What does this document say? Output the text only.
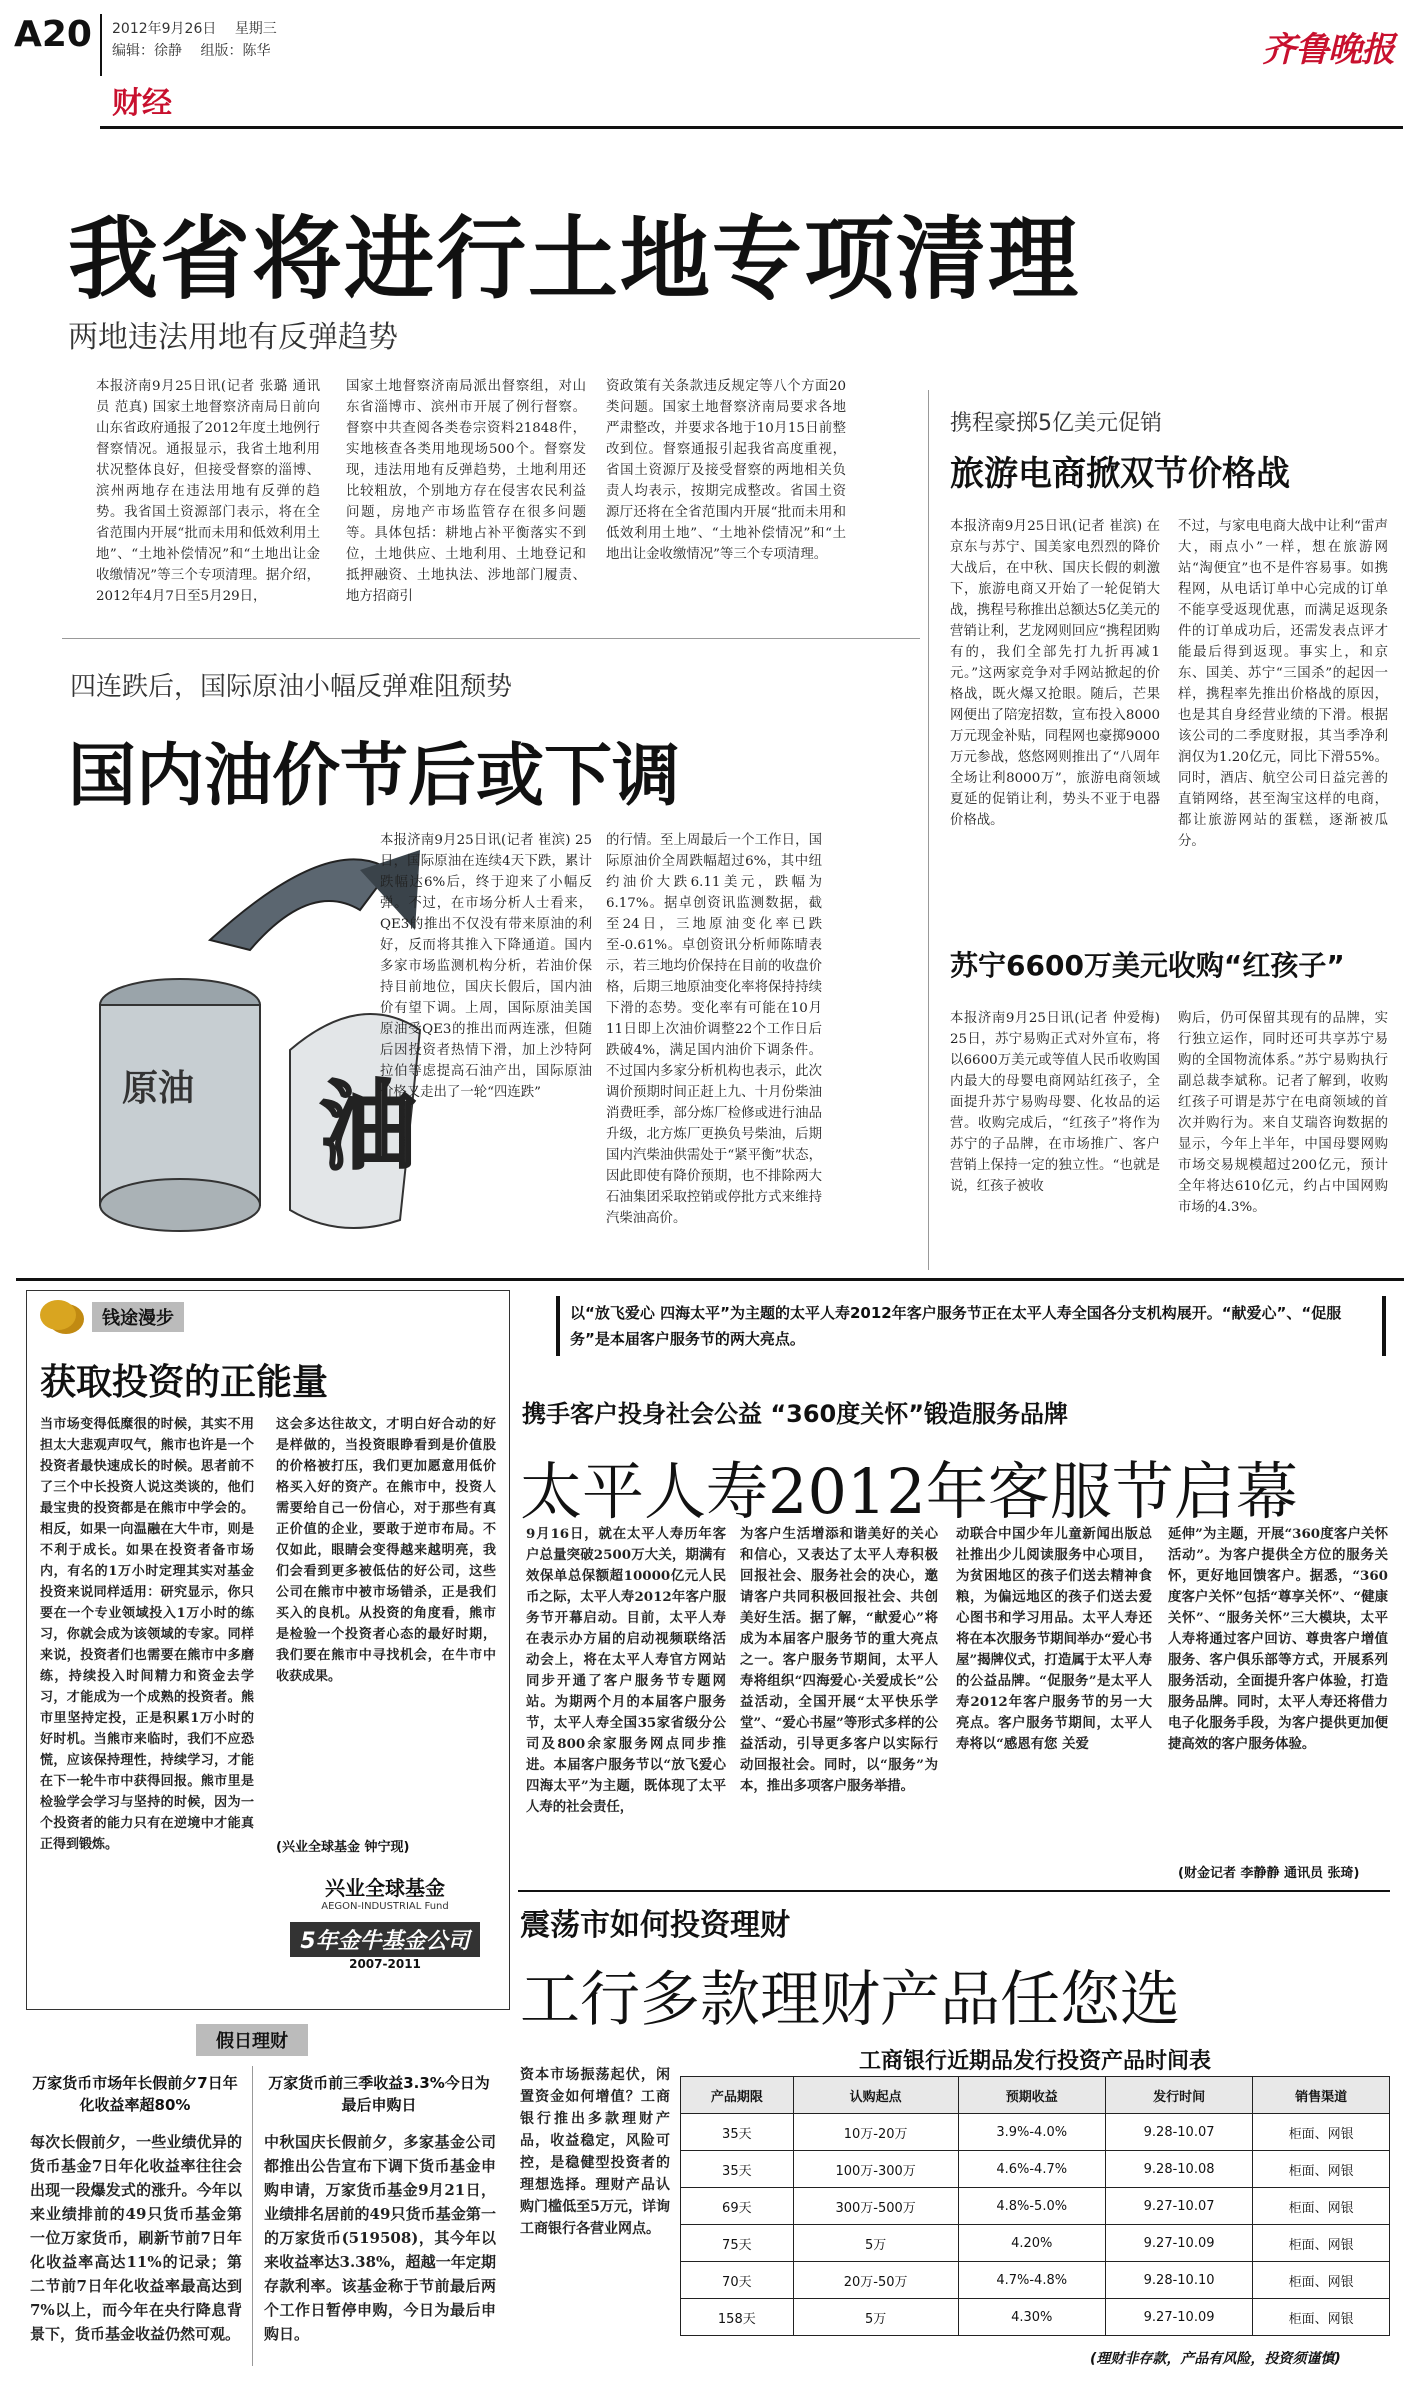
A20 2012年9月26日 星期三
编辑：徐静 组版：陈华
财经
齐鲁晚报
我省将进行土地专项清理
两地违法用地有反弹趋势

本报济南9月25日讯(记者 张璐 通讯员 范真) 国家土地督察济南局日前向山东省政府通报了2012年度土地例行督察情况。通报显示，我省土地利用状况整体良好，但接受督察的淄博、滨州两地存在违法用地有反弹的趋势。我省国土资源部门表示，将在全省范围内开展“批而未用和低效利用土地”、“土地补偿情况”和“土地出让金收缴情况”等三个专项清理。据介绍，2012年4月7日至5月29日，

国家土地督察济南局派出督察组，对山东省淄博市、滨州市开展了例行督察。督察中共查阅各类卷宗资料21848件，实地核查各类用地现场500个。督察发现，违法用地有反弹趋势，土地利用还比较粗放，个别地方存在侵害农民利益问题，房地产市场监管存在很多问题等。具体包括：耕地占补平衡落实不到位，土地供应、土地利用、土地登记和抵押融资、土地执法、涉地部门履责、地方招商引

资政策有关条款违反规定等八个方面20类问题。国家土地督察济南局要求各地严肃整改，并要求各地于10月15日前整改到位。督察通报引起我省高度重视，省国土资源厅及接受督察的两地相关负责人均表示，按期完成整改。省国土资源厅还将在全省范围内开展“批而未用和低效利用土地”、“土地补偿情况”和“土地出让金收缴情况”等三个专项清理。

携程豪掷5亿美元促销
旅游电商掀双节价格战

本报济南9月25日讯(记者 崔滨) 在京东与苏宁、国美家电烈烈的降价大战后，在中秋、国庆长假的刺激下，旅游电商又开始了一轮促销大战，携程号称推出总额达5亿美元的营销让利，艺龙网则回应“携程团购有的，我们全部先打九折再减1元。”这两家竞争对手网站掀起的价格战，既火爆又抢眼。随后，芒果网便出了陪宠招数，宣布投入8000万元现金补贴，同程网也豪掷9000万元参战，悠悠网则推出了“八周年全场让利8000万”，旅游电商领域夏延的促销让利，势头不亚于电器价格战。

不过，与家电电商大战中让利“雷声大，雨点小”一样，想在旅游网站“淘便宜”也不是件容易事。如携程网，从电话订单中心完成的订单不能享受返现优惠，而满足返现条件的订单成功后，还需发表点评才能最后得到返现。事实上，和京东、国美、苏宁“三国杀”的起因一样，携程率先推出价格战的原因，也是其自身经营业绩的下滑。根据该公司的二季度财报，其当季净利润仅为1.20亿元，同比下滑55%。同时，酒店、航空公司日益完善的直销网络，甚至淘宝这样的电商，都让旅游网站的蛋糕，逐渐被瓜分。

苏宁6600万美元收购“红孩子”

本报济南9月25日讯(记者 仲爱梅) 25日，苏宁易购正式对外宣布，将以6600万美元或等值人民币收购国内最大的母婴电商网站红孩子，全面提升苏宁易购母婴、化妆品的运营。收购完成后，“红孩子”将作为苏宁的子品牌，在市场推广、客户营销上保持一定的独立性。“也就是说，红孩子被收

购后，仍可保留其现有的品牌，实行独立运作，同时还可共享苏宁易购的全国物流体系。”苏宁易购执行副总裁李斌称。记者了解到，收购红孩子可谓是苏宁在电商领域的首次并购行为。来自艾瑞咨询数据的显示，今年上半年，中国母婴网购市场交易规模超过200亿元，预计全年将达610亿元，约占中国网购市场的4.3%。

四连跌后，国际原油小幅反弹难阻颓势
国内油价节后或下调
原油
国际油价
油

本报济南9月25日讯(记者 崔滨) 25日，国际原油在连续4天下跌，累计跌幅达6%后，终于迎来了小幅反弹。不过，在市场分析人士看来，QE3的推出不仅没有带来原油的利好，反而将其推入下降通道。国内多家市场监测机构分析，若油价保持目前地位，国庆长假后，国内油价有望下调。上周，国际原油美国原油受QE3的推出而两连涨，但随后因投资者热情下滑，加上沙特阿拉伯等虑提高石油产出，国际原油价格又走出了一轮“四连跌”

的行情。至上周最后一个工作日，国际原油价全周跌幅超过6%，其中纽约油价大跌6.11美元，跌幅为6.17%。据卓创资讯监测数据，截至24日，三地原油变化率已跌至-0.61%。卓创资讯分析师陈晴表示，若三地均价保持在目前的收盘价格，后期三地原油变化率将保持持续下滑的态势。变化率有可能在10月11日即上次油价调整22个工作日后跌破4%，满足国内油价下调条件。不过国内多家分析机构也表示，此次调价预期时间正赶上九、十月份柴油消费旺季，部分炼厂检修或进行油品升级，北方炼厂更换负号柴油，后期国内汽柴油供需处于“紧平衡”状态，因此即使有降价预期，也不排除两大石油集团采取控销或停批方式来维持汽柴油高价。

钱途漫步
获取投资的正能量

当市场变得低糜很的时候，其实不用担太大悲观声叹气，熊市也许是一个投资者最快速成长的时候。思者前不了三个中长投资人说这类谈的，他们最宝贵的投资都是在熊市中学会的。相反，如果一向温融在大牛市，则是不利于成长。如果在投资者备市场内，有名的1万小时定理其实对基金投资来说同样适用：研究显示，你只要在一个专业领域投入1万小时的练习，你就会成为该领域的专家。同样来说，投资者们也需要在熊市中多磨练，持续投入时间精力和资金去学习，才能成为一个成熟的投资者。熊市里坚持定投，正是积累1万小时的好时机。当熊市来临时，我们不应恐慌，应该保持理性，持续学习，才能在下一轮牛市中获得回报。熊市里是检验学会学习与坚持的时候，因为一个投资者的能力只有在逆境中才能真正得到锻炼。

这会多达往故文，才明白好合动的好是样做的，当投资眼睁看到是价值股的价格被打压，我们更加愿意用低价格买入好的资产。在熊市中，投资人需要给自己一份信心，对于那些有真正价值的企业，要敢于逆市布局。不仅如此，眼睛会变得越来越明亮，我们会看到更多被低估的好公司，这些公司在熊市中被市场错杀，正是我们买入的良机。从投资的角度看，熊市是检验一个投资者心态的最好时期，我们要在熊市中寻找机会，在牛市中收获成果。

(兴业全球基金 钟宁现)
兴业全球基金
AEGON-INDUSTRIAL Fund
5年金牛基金公司
2007-2011
假日理财
万家货币市场年长假前夕7日年化收益率超80%

每次长假前夕，一些业绩优异的货币基金7日年化收益率往往会出现一段爆发式的涨升。今年以来业绩排前的49只货币基金第一位万家货币，刷新节前7日年化收益率高达11%的记录；第二节前7日年化收益率最高达到7%以上，而今年在央行降息背景下，货币基金收益仍然可观。

万家货币前三季收益3.3%今日为最后申购日

中秋国庆长假前夕，多家基金公司都推出公告宣布下调下货币基金申购申请，万家货币基金9月21日，业绩排名居前的49只货币基金第一的万家货币(519508)，其今年以来收益率达3.38%，超越一年定期存款利率。该基金称于节前最后两个工作日暂停申购，今日为最后申购日。

以“放飞爱心 四海太平”为主题的太平人寿2012年客户服务节正在太平人寿全国各分支机构展开。“献爱心”、“促服务”是本届客户服务节的两大亮点。
携手客户投身社会公益 “360度关怀”锻造服务品牌
太平人寿2012年客服节启幕

9月16日，就在太平人寿历年客户总量突破2500万大关，期满有效保单总保额超10000亿元人民币之际，太平人寿2012年客户服务节开幕启动。目前，太平人寿在表示办方届的启动视频联络活动会上，将在太平人寿官方网站同步开通了客户服务节专题网站。为期两个月的本届客户服务节，太平人寿全国35家省级分公司及800余家服务网点同步推进。本届客户服务节以“放飞爱心 四海太平”为主题，既体现了太平人寿的社会责任，

为客户生活增添和谐美好的关心和信心，又表达了太平人寿积极回报社会、服务社会的决心，邀请客户共同积极回报社会、共创美好生活。据了解，“献爱心”将成为本届客户服务节的重大亮点之一。客户服务节期间，太平人寿将组织“四海爱心·关爱成长”公益活动，全国开展“太平快乐学堂”、“爱心书屋”等形式多样的公益活动，引导更多客户以实际行动回报社会。同时，以“服务”为本，推出多项客户服务举措。

动联合中国少年儿童新闻出版总社推出少儿阅读服务中心项目，为贫困地区的孩子们送去精神食粮，为偏远地区的孩子们送去爱心图书和学习用品。太平人寿还将在本次服务节期间举办“爱心书屋”揭牌仪式，打造属于太平人寿的公益品牌。“促服务”是太平人寿2012年客户服务节的另一大亮点。客户服务节期间，太平人寿将以“感恩有您 关爱

延伸”为主题，开展“360度客户关怀活动”。为客户提供全方位的服务关怀，更好地回馈客户。据悉，“360度客户关怀”包括“尊享关怀”、“健康关怀”、“服务关怀”三大模块，太平人寿将通过客户回访、尊贵客户增值服务、客户俱乐部等方式，开展系列服务活动，全面提升客户体验，打造服务品牌。同时，太平人寿还将借力电子化服务手段，为客户提供更加便捷高效的客户服务体验。

(财金记者 李静静 通讯员 张琦)
震荡市如何投资理财
工行多款理财产品任您选

资本市场振荡起伏，闲置资金如何增值？工商银行推出多款理财产品，收益稳定，风险可控，是稳健型投资者的理想选择。理财产品认购门槛低至5万元，详询工商银行各营业网点。

工商银行近期品发行投资产品时间表
产品期限	认购起点	预期收益	发行时间	销售渠道
35天	10万-20万	3.9%-4.0%	9.28-10.07	柜面、网银
35天	100万-300万	4.6%-4.7%	9.28-10.08	柜面、网银
69天	300万-500万	4.8%-5.0%	9.27-10.07	柜面、网银
75天	5万	4.20%	9.27-10.09	柜面、网银
70天	20万-50万	4.7%-4.8%	9.28-10.10	柜面、网银
158天	5万	4.30%	9.27-10.09	柜面、网银
(理财非存款，产品有风险，投资须谨慎)
